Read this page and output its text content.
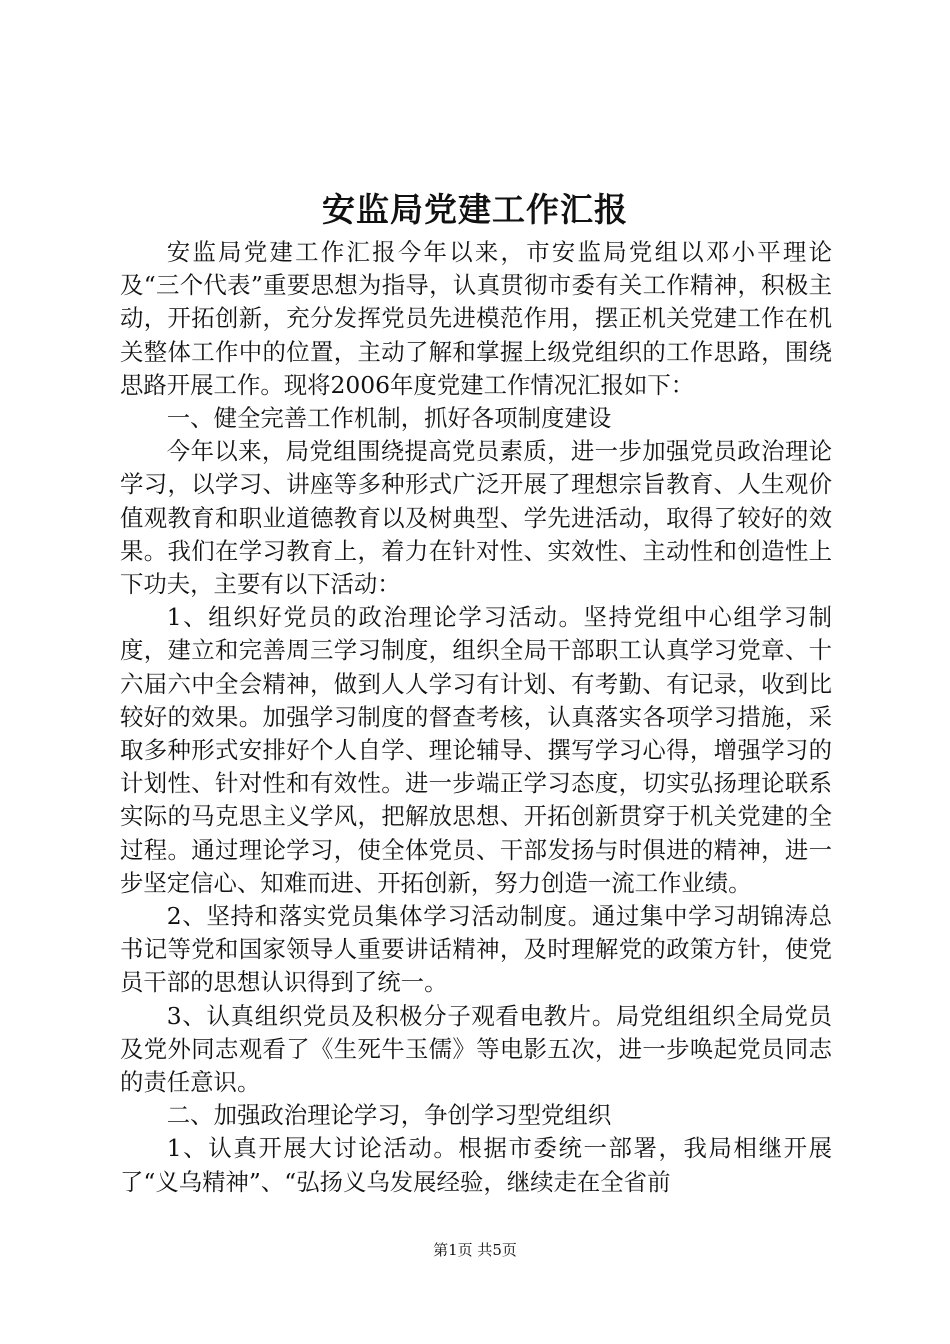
安监局党建工作汇报

安监局党建工作汇报今年以来，市安监局党组以邓小平理论及“三个代表”重要思想为指导，认真贯彻市委有关工作精神，积极主动，开拓创新，充分发挥党员先进模范作用，摆正机关党建工作在机关整体工作中的位置，主动了解和掌握上级党组织的工作思路，围绕思路开展工作。现将2006年度党建工作情况汇报如下：

一、健全完善工作机制，抓好各项制度建设

今年以来，局党组围绕提高党员素质，进一步加强党员政治理论学习，以学习、讲座等多种形式广泛开展了理想宗旨教育、人生观价值观教育和职业道德教育以及树典型、学先进活动，取得了较好的效果。我们在学习教育上，着力在针对性、实效性、主动性和创造性上下功夫，主要有以下活动：

1、组织好党员的政治理论学习活动。坚持党组中心组学习制度，建立和完善周三学习制度，组织全局干部职工认真学习党章、十六届六中全会精神，做到人人学习有计划、有考勤、有记录，收到比较好的效果。加强学习制度的督查考核，认真落实各项学习措施，采取多种形式安排好个人自学、理论辅导、撰写学习心得，增强学习的计划性、针对性和有效性。进一步端正学习态度，切实弘扬理论联系实际的马克思主义学风，把解放思想、开拓创新贯穿于机关党建的全过程。通过理论学习，使全体党员、干部发扬与时俱进的精神，进一步坚定信心、知难而进、开拓创新，努力创造一流工作业绩。

2、坚持和落实党员集体学习活动制度。通过集中学习胡锦涛总书记等党和国家领导人重要讲话精神，及时理解党的政策方针，使党员干部的思想认识得到了统一。

3、认真组织党员及积极分子观看电教片。局党组组织全局党员及党外同志观看了《生死牛玉儒》等电影五次，进一步唤起党员同志的责任意识。

二、加强政治理论学习，争创学习型党组织

1、认真开展大讨论活动。根据市委统一部署，我局相继开展了“义乌精神”、“弘扬义乌发展经验，继续走在全省前

第1页 共5页
